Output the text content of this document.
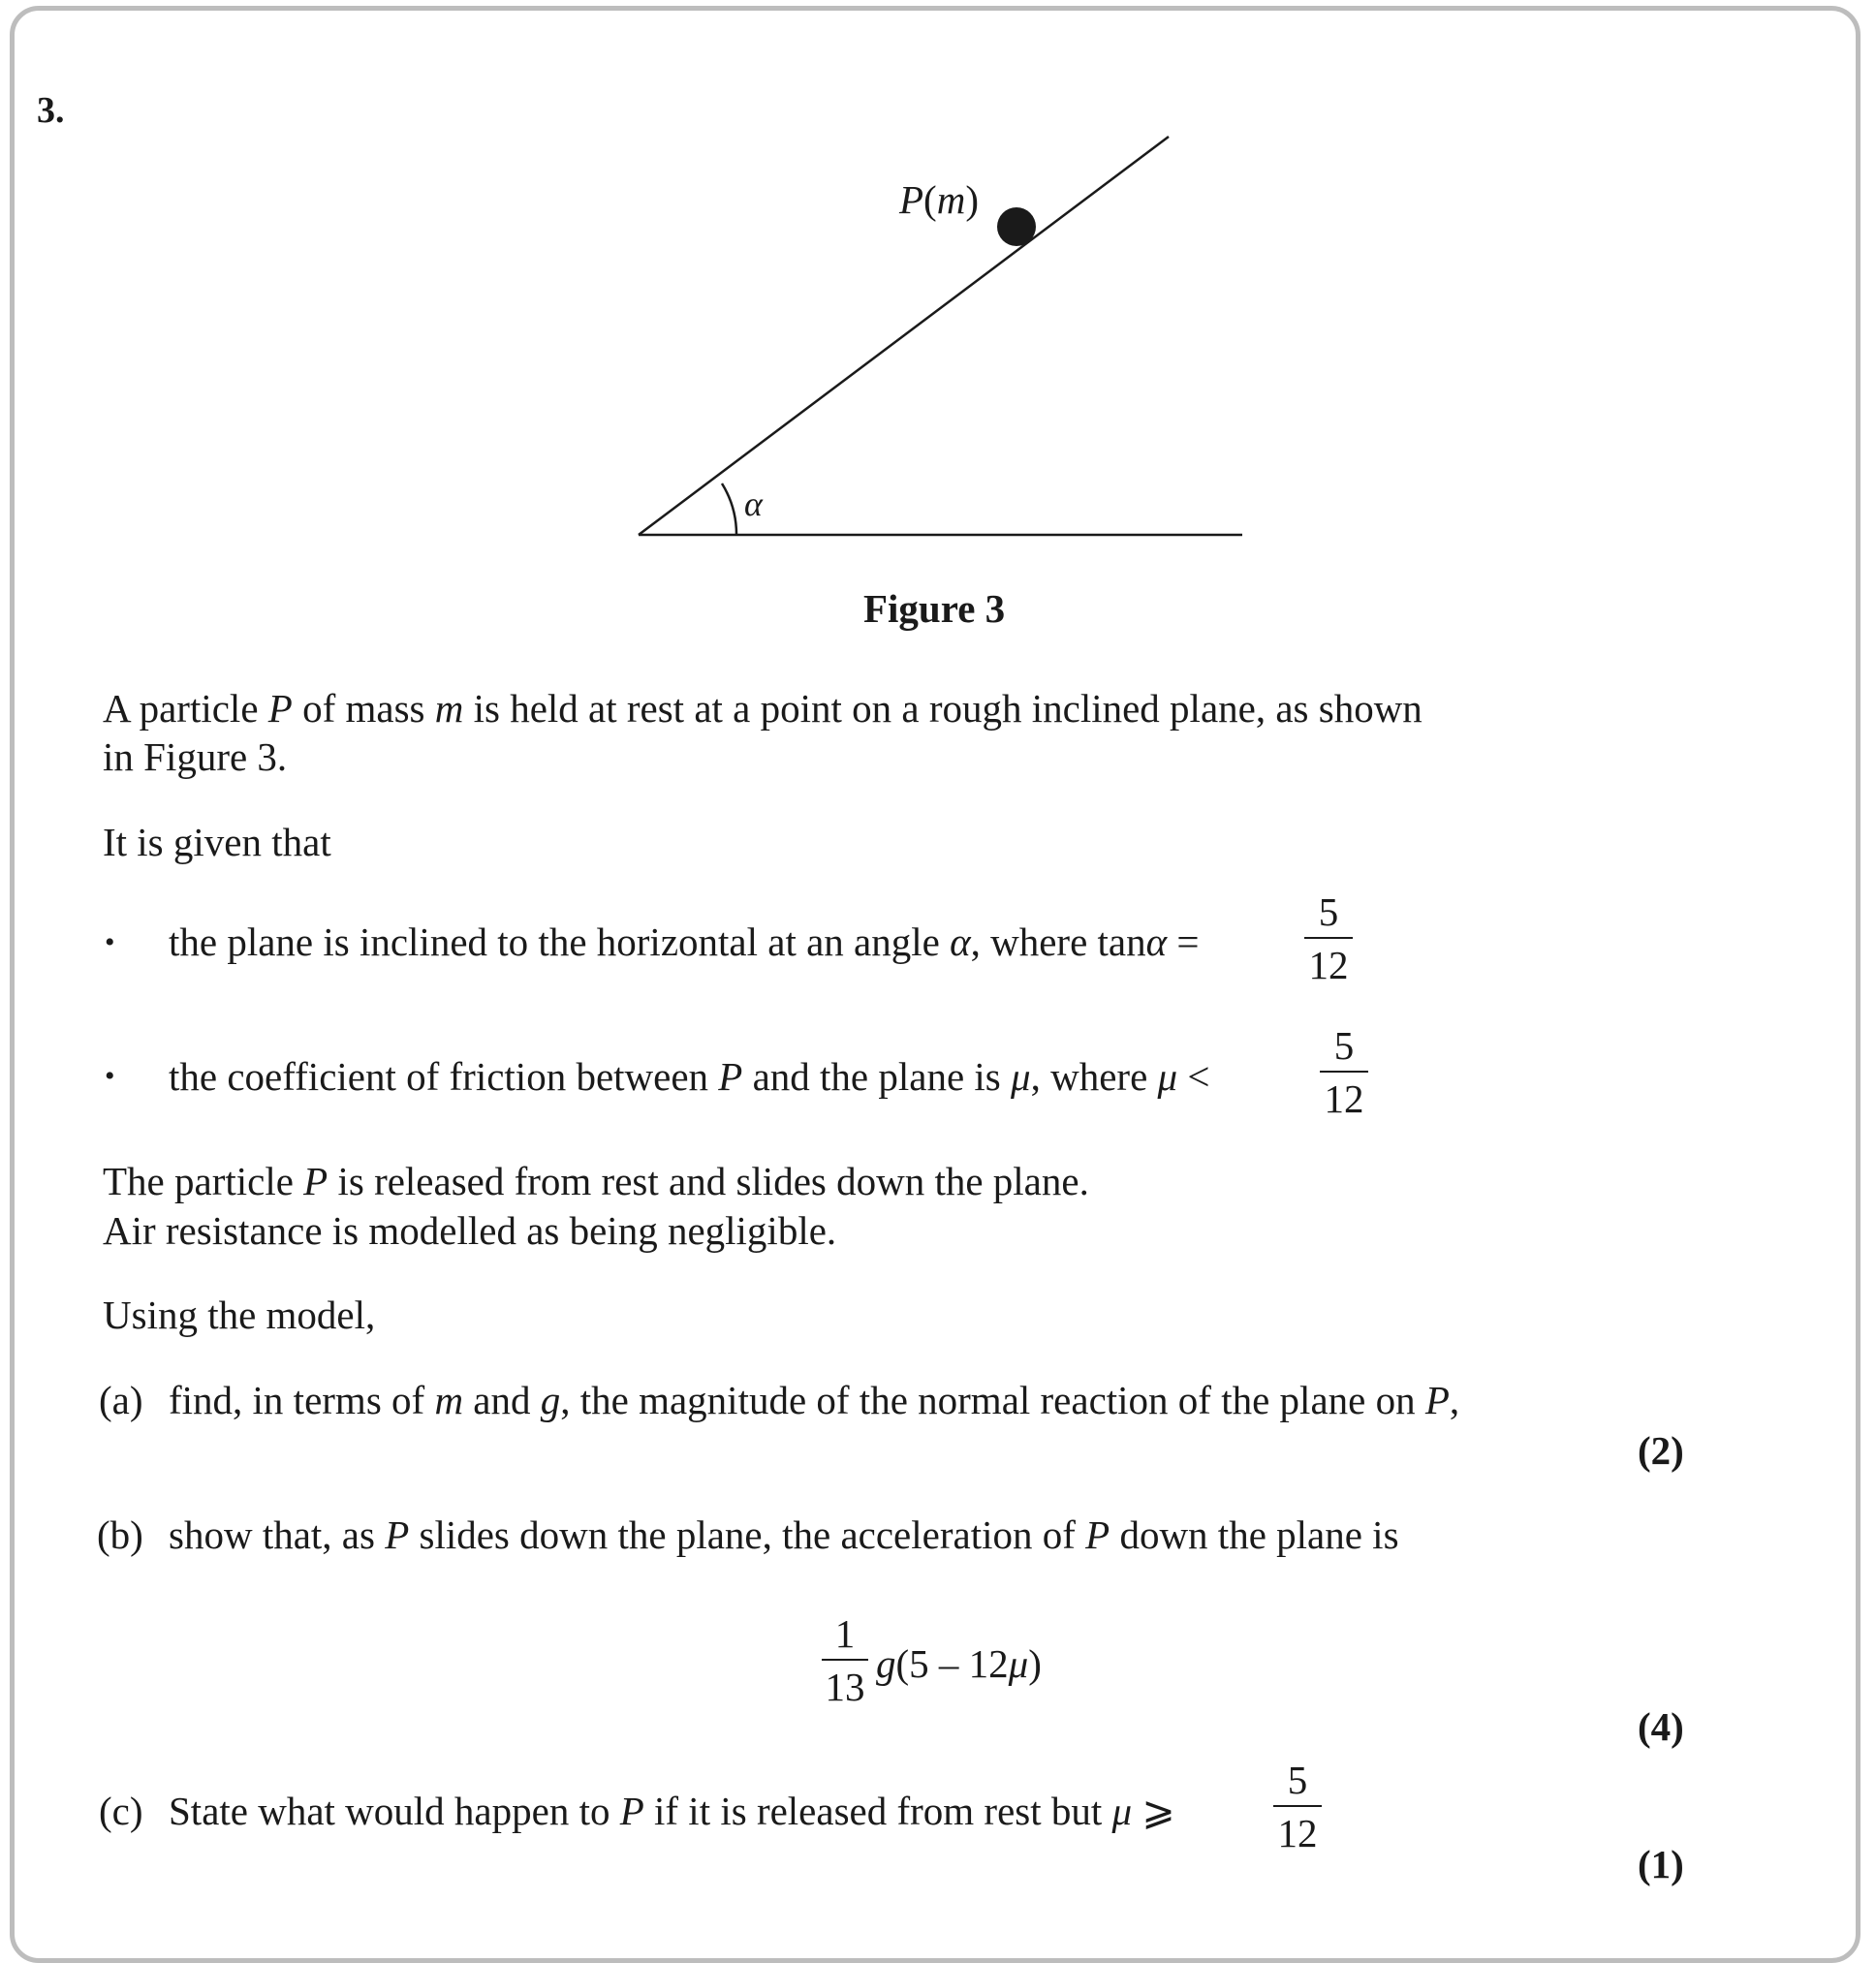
3.
P(m)
α
Figure 3
A particle P of mass m is held at rest at a point on a rough inclined plane, as shown
in Figure 3.
It is given that
• the plane is inclined to the horizontal at an angle α, where tanα =
5
12
• the coefficient of friction between P and the plane is μ, where μ <
5
12
The particle P is released from rest and slides down the plane.
Air resistance is modelled as being negligible.
Using the model,
(a) find, in terms of m and g, the magnitude of the normal reaction of the plane on P,
(2)
(b) show that, as P slides down the plane, the acceleration of P down the plane is
1
13
g(5 – 12μ)
(4)
(c) State what would happen to P if it is released from rest but μ ⩾
5
12
(1)
